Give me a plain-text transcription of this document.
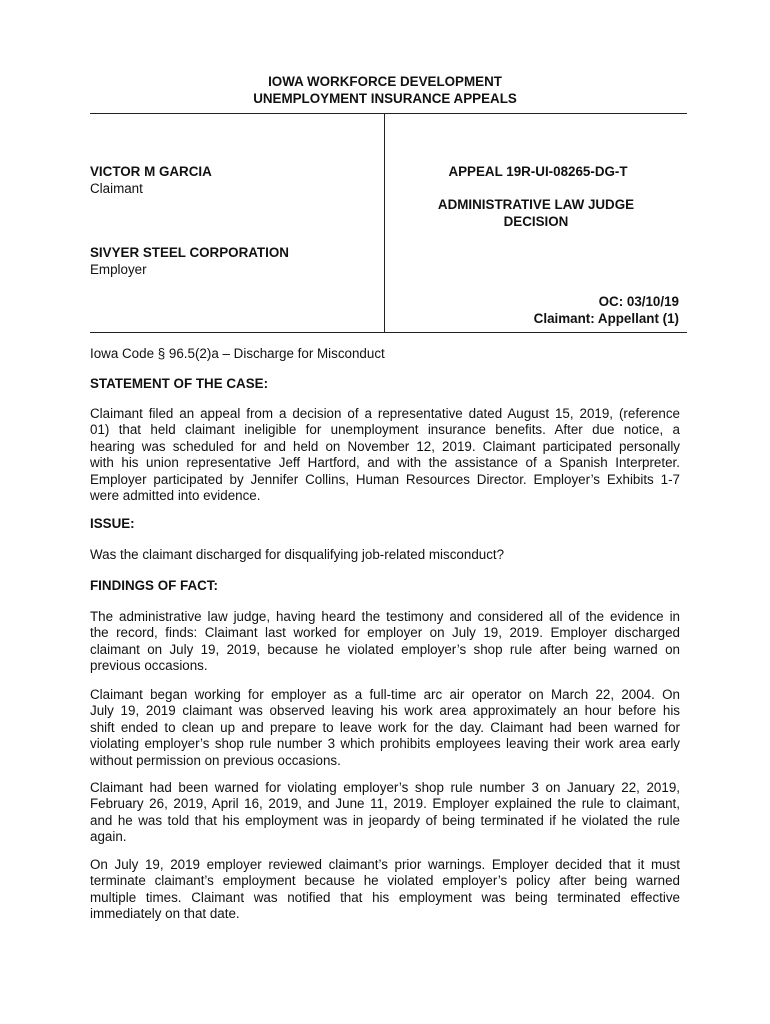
IOWA WORKFORCE DEVELOPMENT
UNEMPLOYMENT INSURANCE APPEALS
VICTOR M GARCIA
Claimant
SIVYER STEEL CORPORATION
Employer
APPEAL 19R-UI-08265-DG-T
ADMINISTRATIVE LAW JUDGE
DECISION
OC: 03/10/19
Claimant: Appellant (1)
Iowa Code § 96.5(2)a – Discharge for Misconduct
STATEMENT OF THE CASE:
Claimant filed an appeal from a decision of a representative dated August 15, 2019, (reference
01) that held claimant ineligible for unemployment insurance benefits. After due notice, a
hearing was scheduled for and held on November 12, 2019. Claimant participated personally
with his union representative Jeff Hartford, and with the assistance of a Spanish Interpreter.
Employer participated by Jennifer Collins, Human Resources Director. Employer’s Exhibits 1-7
were admitted into evidence.
ISSUE:
Was the claimant discharged for disqualifying job-related misconduct?
FINDINGS OF FACT:
The administrative law judge, having heard the testimony and considered all of the evidence in
the record, finds: Claimant last worked for employer on July 19, 2019. Employer discharged
claimant on July 19, 2019, because he violated employer’s shop rule after being warned on
previous occasions.
Claimant began working for employer as a full-time arc air operator on March 22, 2004. On
July 19, 2019 claimant was observed leaving his work area approximately an hour before his
shift ended to clean up and prepare to leave work for the day. Claimant had been warned for
violating employer’s shop rule number 3 which prohibits employees leaving their work area early
without permission on previous occasions.
Claimant had been warned for violating employer’s shop rule number 3 on January 22, 2019,
February 26, 2019, April 16, 2019, and June 11, 2019. Employer explained the rule to claimant,
and he was told that his employment was in jeopardy of being terminated if he violated the rule
again.
On July 19, 2019 employer reviewed claimant’s prior warnings. Employer decided that it must
terminate claimant’s employment because he violated employer’s policy after being warned
multiple times. Claimant was notified that his employment was being terminated effective
immediately on that date.
